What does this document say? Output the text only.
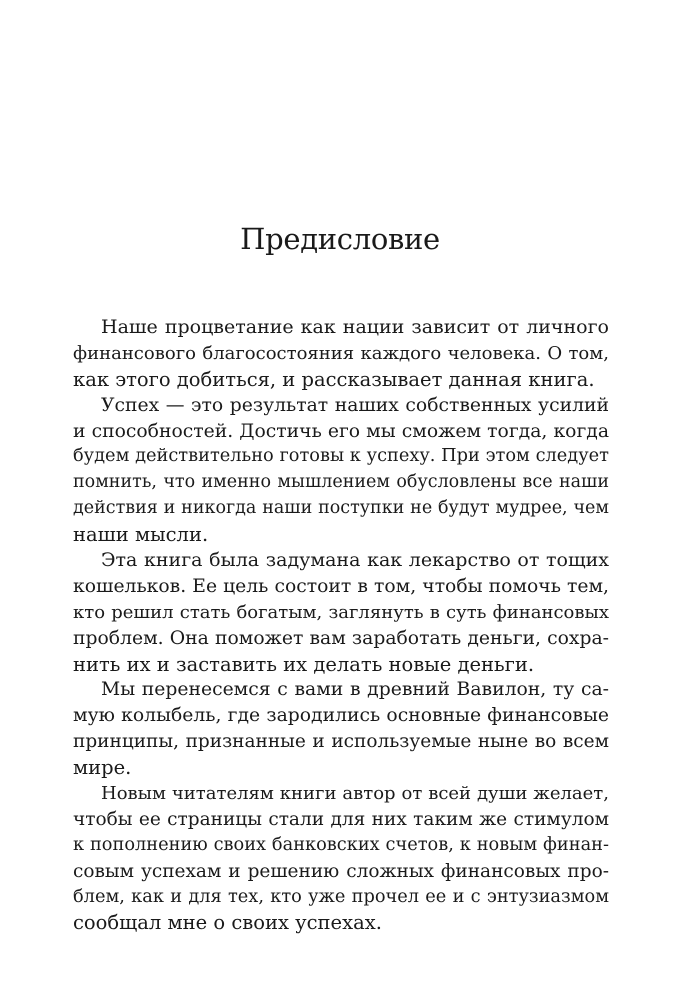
Предисловие
Наше процветание как нации зависит от личного
финансового благосостояния каждого человека. О том,
как этого добиться, и рассказывает данная книга.
Успех — это результат наших собственных усилий
и способностей. Достичь его мы сможем тогда, когда
будем действительно готовы к успеху. При этом следует
помнить, что именно мышлением обусловлены все наши
действия и никогда наши поступки не будут мудрее, чем
наши мысли.
Эта книга была задумана как лекарство от тощих
кошельков. Ее цель состоит в том, чтобы помочь тем,
кто решил стать богатым, заглянуть в суть финансовых
проблем. Она поможет вам заработать деньги, сохра-
нить их и заставить их делать новые деньги.
Мы перенесемся с вами в древний Вавилон, ту са-
мую колыбель, где зародились основные финансовые
принципы, признанные и используемые ныне во всем
мире.
Новым читателям книги автор от всей души желает,
чтобы ее страницы стали для них таким же стимулом
к пополнению своих банковских счетов, к новым финан-
совым успехам и решению сложных финансовых про-
блем, как и для тех, кто уже прочел ее и с энтузиазмом
сообщал мне о своих успехах.
